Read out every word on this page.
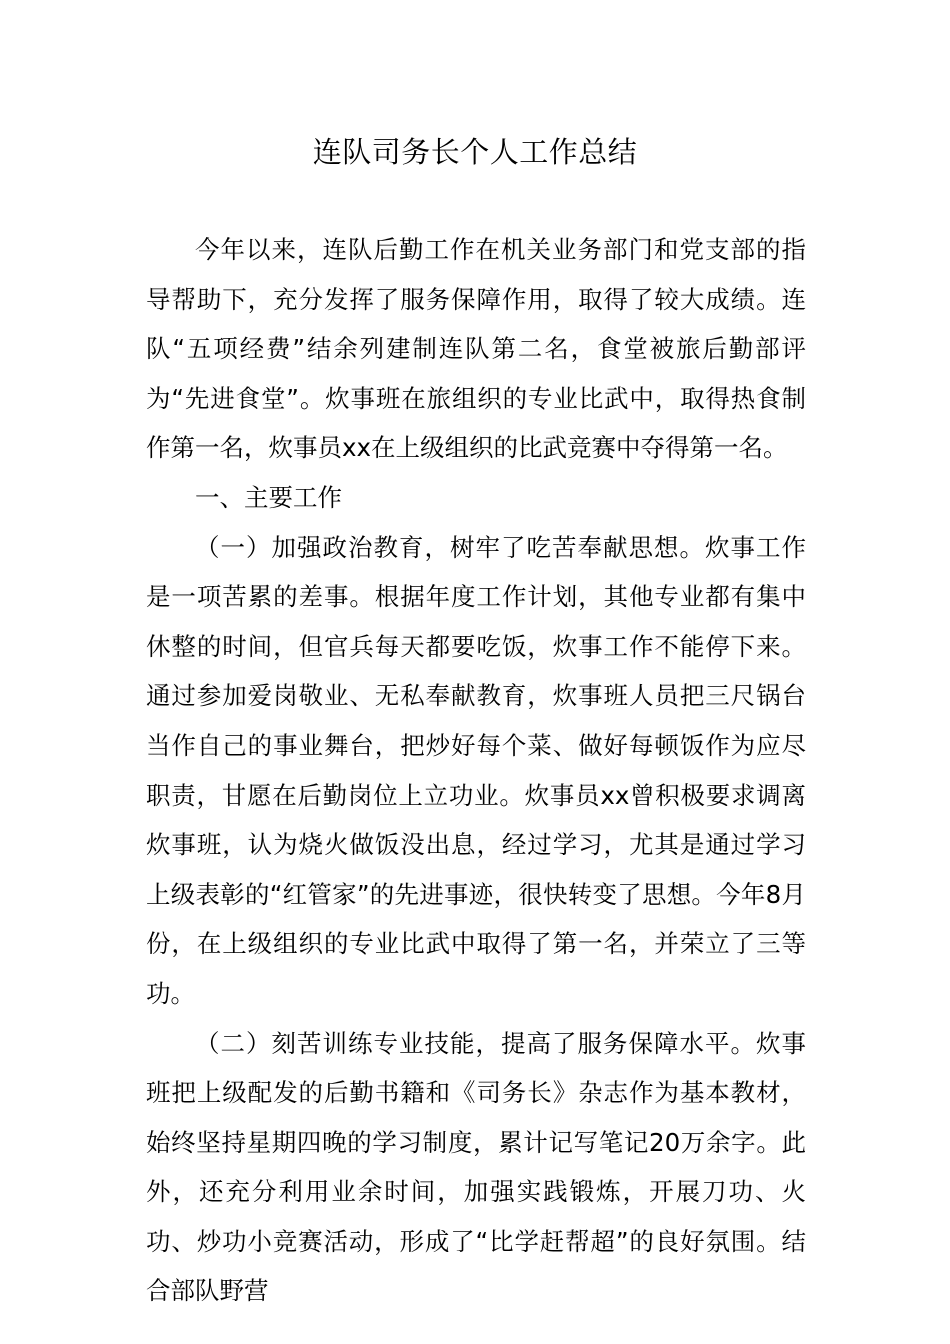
连队司务长个人工作总结

今年以来，连队后勤工作在机关业务部门和党支部的指导帮助下，充分发挥了服务保障作用，取得了较大成绩。连队“五项经费”结余列建制连队第二名，食堂被旅后勤部评为“先进食堂”。炊事班在旅组织的专业比武中，取得热食制作第一名，炊事员xx在上级组织的比武竞赛中夺得第一名。

一、主要工作

（一）加强政治教育，树牢了吃苦奉献思想。炊事工作是一项苦累的差事。根据年度工作计划，其他专业都有集中休整的时间，但官兵每天都要吃饭，炊事工作不能停下来。通过参加爱岗敬业、无私奉献教育，炊事班人员把三尺锅台当作自己的事业舞台，把炒好每个菜、做好每顿饭作为应尽职责，甘愿在后勤岗位上立功业。炊事员xx曾积极要求调离炊事班，认为烧火做饭没出息，经过学习，尤其是通过学习上级表彰的“红管家”的先进事迹，很快转变了思想。今年8月份，在上级组织的专业比武中取得了第一名，并荣立了三等功。

（二）刻苦训练专业技能，提高了服务保障水平。炊事班把上级配发的后勤书籍和《司务长》杂志作为基本教材，始终坚持星期四晚的学习制度，累计记写笔记20万余字。此外，还充分利用业余时间，加强实践锻炼，开展刀功、火功、炒功小竞赛活动，形成了“比学赶帮超”的良好氛围。结合部队野营
